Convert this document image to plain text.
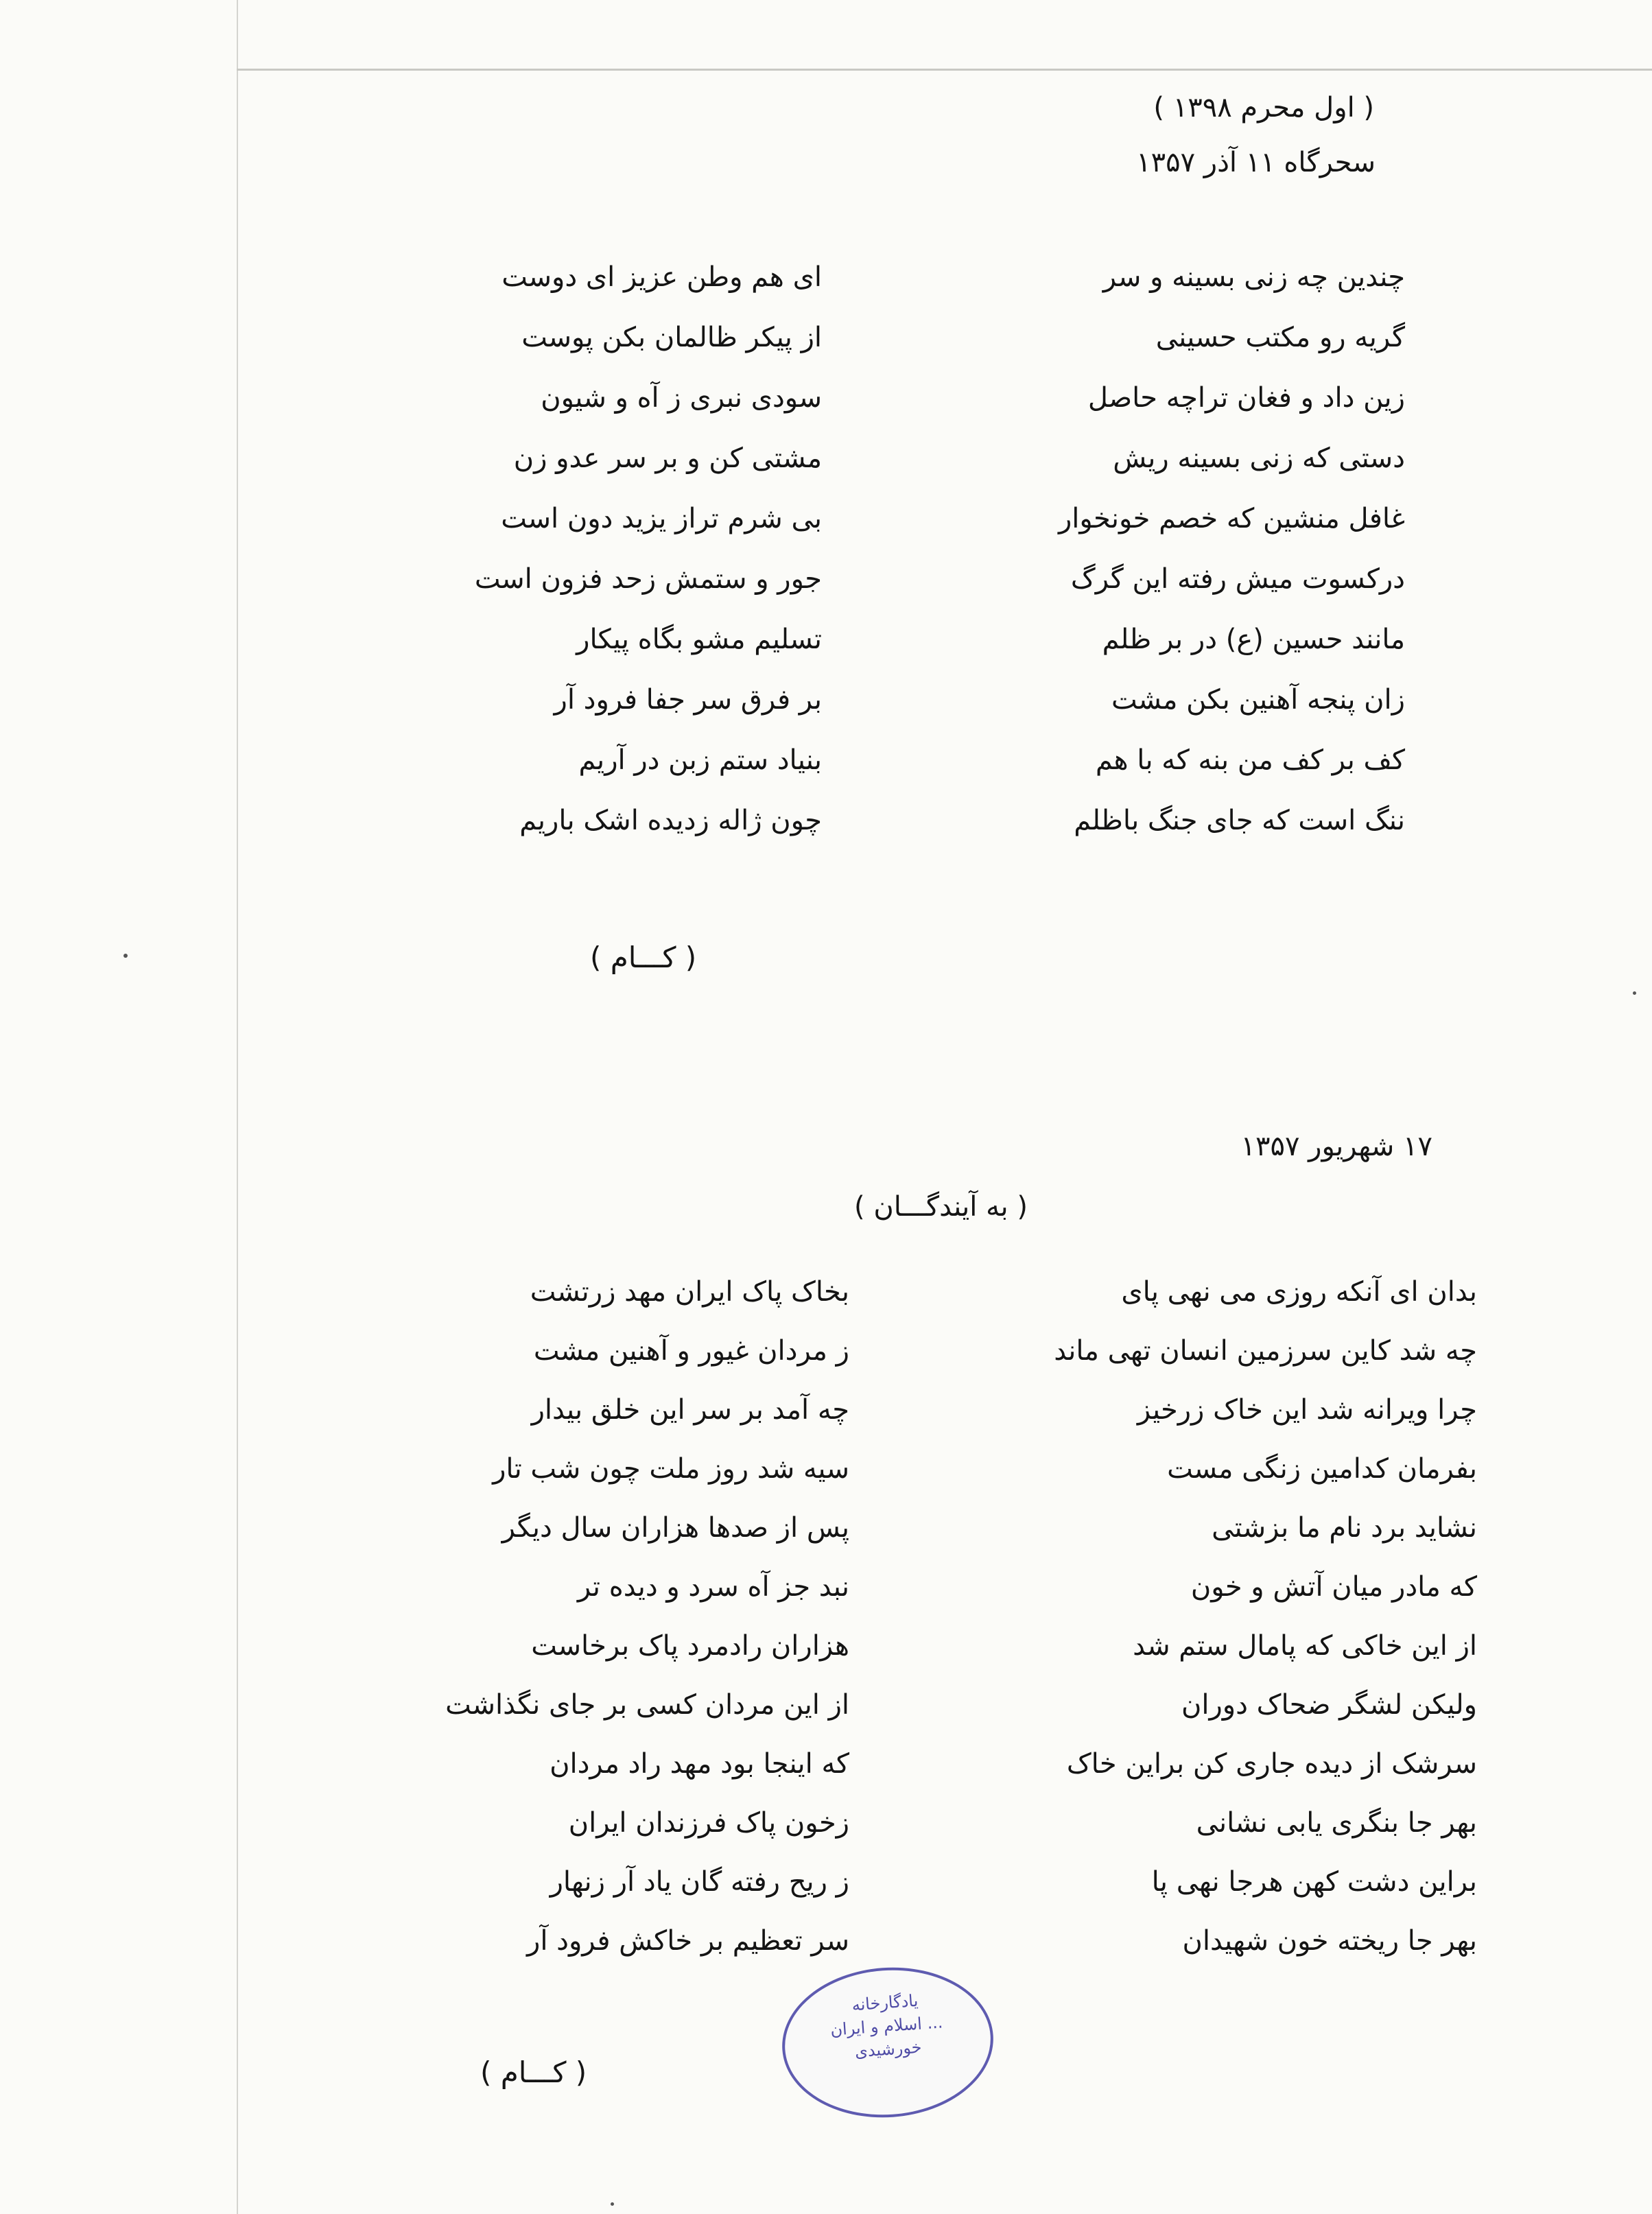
( اول محرم ۱۳۹۸ )
سحرگاه ۱۱ آذر ۱۳۵۷
چندین چه زنی بسینه و سر
گریه رو مکتب حسینی
زین داد و فغان تراچه حاصل
دستی که زنی بسینه ریش
غافل منشین که خصم خونخوار
درکسوت میش رفته این گرگ
مانند حسین (ع) در بر ظلم
زان پنجه آهنین بکن مشت
کف بر کف من بنه که با هم
ننگ است که جای جنگ باظلم
ای هم وطن عزیز ای دوست
از پیکر ظالمان بکن پوست
سودی نبری ز آه و شیون
مشتی کن و بر سر عدو زن
بی شرم تراز یزید دون است
جور و ستمش زحد فزون است
تسلیم مشو بگاه پیکار
بر فرق سر جفا فرود آر
بنیاد ستم زبن در آریم
چون ژاله زدیده اشک باریم
( کـــام )
۱۷ شهریور ۱۳۵۷
( به آیندگـــان )
بدان ای آنکه روزی می نهی پای
چه شد کاین سرزمین انسان تهی ماند
چرا ویرانه شد این خاک زرخیز
بفرمان کدامین زنگی مست
نشاید برد نام ما بزشتی
که مادر میان آتش و خون
از این خاکی که پامال ستم شد
ولیکن لشگر ضحاک دوران
سرشک از دیده جاری کن براین خاک
بهر جا بنگری یابی نشانی
براین دشت کهن هرجا نهی پا
بهر جا ریخته خون شهیدان
بخاک پاک ایران مهد زرتشت
ز مردان غیور و آهنین مشت
چه آمد بر سر این خلق بیدار
سیه شد روز ملت چون شب تار
پس از صدها هزاران سال دیگر
نبد جز آه سرد و دیده تر
هزاران رادمرد پاک برخاست
از این مردان کسی بر جای نگذاشت
که اینجا بود مهد راد مردان
زخون پاک فرزندان ایران
ز ریح رفته گان یاد آر زنهار
سر تعظیم بر خاکش فرود آر
( کـــام )
یادگارخانه
... اسلام و ایران
خورشیدی
